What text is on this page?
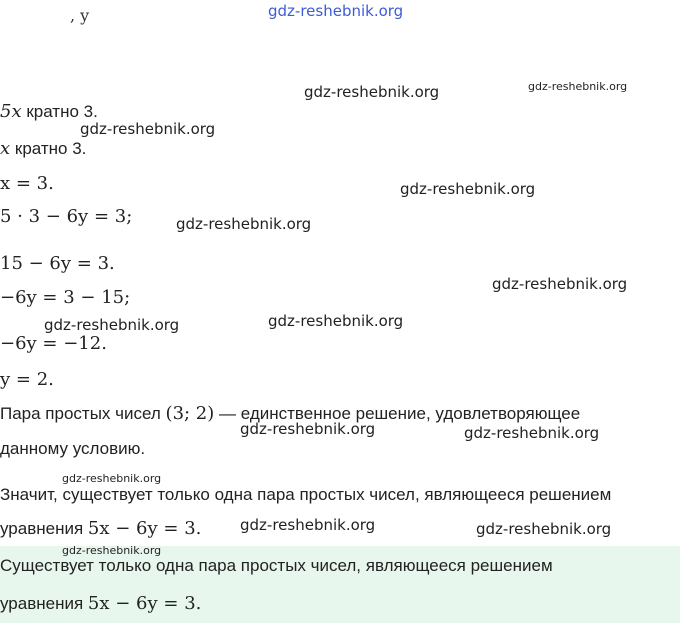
, y	gdz-reshebnik.org
5x кратно 3.
x кратно 3.
x = 3.
5 · 3 − 6y = 3;
15 − 6y = 3.
−6y = 3 − 15;
−6y = −12.
y = 2.
Пара простых чисел (3; 2) — единственное решение, удовлетворяющее
данному условию.
Значит, существует только одна пара простых чисел, являющееся решением
уравнения 5x − 6y = 3.
Существует только одна пара простых чисел, являющееся решением
уравнения 5x − 6y = 3.
gdz-reshebnik.org	gdz-reshebnik.org
gdz-reshebnik.org
gdz-reshebnik.org
gdz-reshebnik.org
gdz-reshebnik.org
gdz-reshebnik.org	gdz-reshebnik.org
gdz-reshebnik.org	gdz-reshebnik.org
gdz-reshebnik.org
gdz-reshebnik.org	gdz-reshebnik.org
gdz-reshebnik.org
